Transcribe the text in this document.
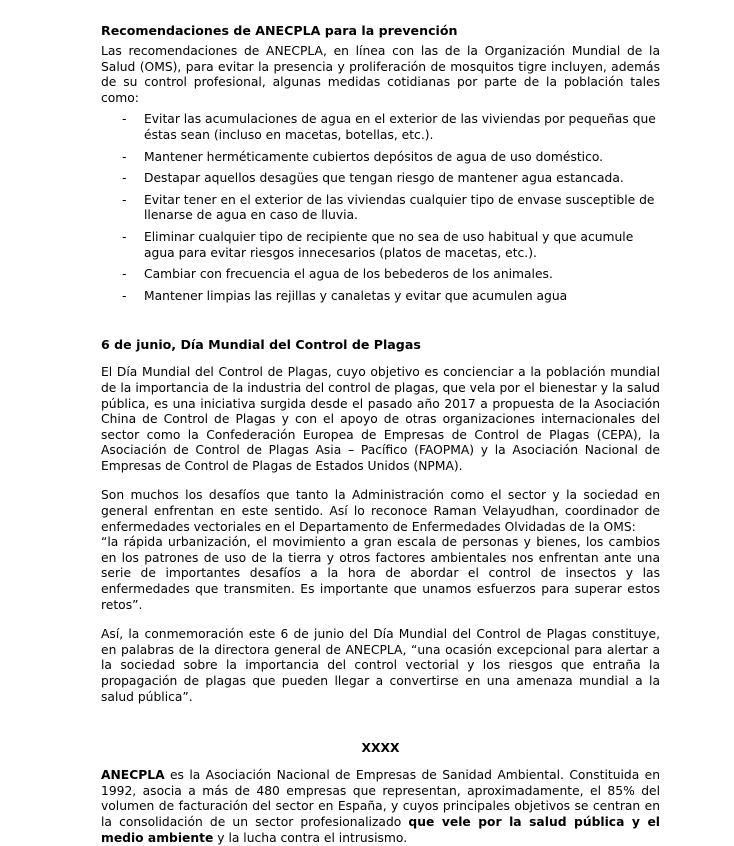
Recomendaciones de ANECPLA para la prevención

Las recomendaciones de ANECPLA, en línea con las de la Organización Mundial de la Salud (OMS), para evitar la presencia y proliferación de mosquitos tigre incluyen, además de su control profesional, algunas medidas cotidianas por parte de la población tales como:

- Evitar las acumulaciones de agua en el exterior de las viviendas por pequeñas que éstas sean (incluso en macetas, botellas, etc.).
- Mantener herméticamente cubiertos depósitos de agua de uso doméstico.
- Destapar aquellos desagües que tengan riesgo de mantener agua estancada.
- Evitar tener en el exterior de las viviendas cualquier tipo de envase susceptible de llenarse de agua en caso de lluvia.
- Eliminar cualquier tipo de recipiente que no sea de uso habitual y que acumule agua para evitar riesgos innecesarios (platos de macetas, etc.).
- Cambiar con frecuencia el agua de los bebederos de los animales.
- Mantener limpias las rejillas y canaletas y evitar que acumulen agua
6 de junio, Día Mundial del Control de Plagas

El Día Mundial del Control de Plagas, cuyo objetivo es concienciar a la población mundial de la importancia de la industria del control de plagas, que vela por el bienestar y la salud pública, es una iniciativa surgida desde el pasado año 2017 a propuesta de la Asociación China de Control de Plagas y con el apoyo de otras organizaciones internacionales del sector como la Confederación Europea de Empresas de Control de Plagas (CEPA), la Asociación de Control de Plagas Asia – Pacífico (FAOPMA) y la Asociación Nacional de Empresas de Control de Plagas de Estados Unidos (NPMA).

Son muchos los desafíos que tanto la Administración como el sector y la sociedad en general enfrentan en este sentido. Así lo reconoce Raman Velayudhan, coordinador de enfermedades vectoriales en el Departamento de Enfermedades Olvidadas de la OMS:

“la rápida urbanización, el movimiento a gran escala de personas y bienes, los cambios en los patrones de uso de la tierra y otros factores ambientales nos enfrentan ante una serie de importantes desafíos a la hora de abordar el control de insectos y las enfermedades que transmiten. Es importante que unamos esfuerzos para superar estos retos”.

Así, la conmemoración este 6 de junio del Día Mundial del Control de Plagas constituye, en palabras de la directora general de ANECPLA, “una ocasión excepcional para alertar a la sociedad sobre la importancia del control vectorial y los riesgos que entraña la propagación de plagas que pueden llegar a convertirse en una amenaza mundial a la salud pública”.

XXXX

ANECPLA es la Asociación Nacional de Empresas de Sanidad Ambiental. Constituida en 1992, asocia a más de 480 empresas que representan, aproximadamente, el 85% del volumen de facturación del sector en España, y cuyos principales objetivos se centran en la consolidación de un sector profesionalizado que vele por la salud pública y el medio ambiente y la lucha contra el intrusismo.
